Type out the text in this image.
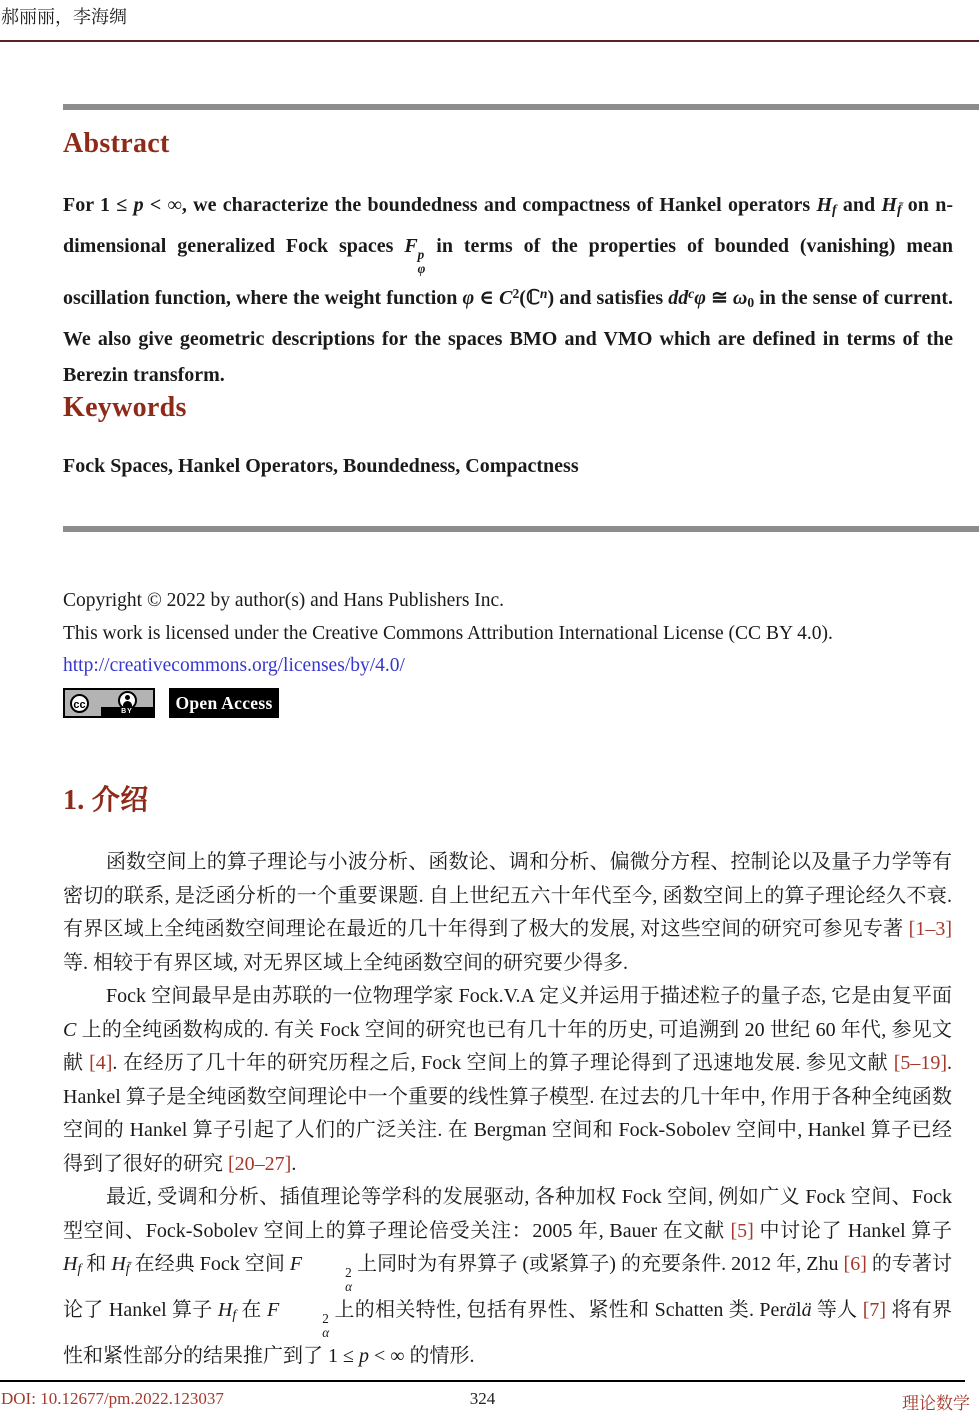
郝丽丽，李海绸
Abstract
For 1 ≤ p < ∞, we characterize the boundedness and compactness of Hankel operators Hf and Hf̄ on n-dimensional generalized Fock spaces F p
φ
in terms of the properties of bounded (vanishing) mean oscillation function, where the weight function φ ∈ $C^2(ℂ^n)$ and satisfies $dd^c\varphi$ ≅ ω0 in the sense of current. We also give geometric descriptions for the spaces BMO and VMO which are defined in terms of the Berezin transform.
Keywords
Fock Spaces, Hankel Operators, Boundedness, Compactness
Copyright © 2022 by author(s) and Hans Publishers Inc.
This work is licensed under the Creative Commons Attribution International License (CC BY 4.0).
http://creativecommons.org/licenses/by/4.0/
cc
BY	Open Access
1. 介绍

函数空间上的算子理论与小波分析、函数论、调和分析、偏微分方程、控制论以及量子力学等有密切的联系, 是泛函分析的一个重要课题. 自上世纪五六十年代至今, 函数空间上的算子理论经久不衰. 有界区域上全纯函数空间理论在最近的几十年得到了极大的发展, 对这些空间的研究可参见专著 [1–3] 等. 相较于有界区域, 对无界区域上全纯函数空间的研究要少得多.

Fock 空间最早是由苏联的一位物理学家 Fock.V.A 定义并运用于描述粒子的量子态, 它是由复平面 C 上的全纯函数构成的. 有关 Fock 空间的研究也已有几十年的历史, 可追溯到 20 世纪 60 年代, 参见文献 [4]. 在经历了几十年的研究历程之后, Fock 空间上的算子理论得到了迅速地发展. 参见文献 [5–19]. Hankel 算子是全纯函数空间理论中一个重要的线性算子模型. 在过去的几十年中, 作用于各种全纯函数空间的 Hankel 算子引起了人们的广泛关注. 在 Bergman 空间和 Fock-Sobolev 空间中, Hankel 算子已经得到了很好的研究 [20–27].

最近, 受调和分析、插值理论等学科的发展驱动, 各种加权 Fock 空间, 例如广义 Fock 空间、Fock 型空间、Fock-Sobolev 空间上的算子理论倍受关注：2005 年, Bauer 在文献 [5] 中讨论了 Hankel 算子 Hf 和 Hf̄ 在经典 Fock 空间 F	2
α
上同时为有界算子 (或紧算子) 的充要条件. 2012 年, Zhu [6] 的专著讨论了 Hankel 算子 Hf 在 F	2
α
上的相关特性, 包括有界性、紧性和 Schatten 类. Perälä 等人 [7] 将有界性和紧性部分的结果推广到了 1 ≤ p < ∞ 的情形.

324
DOI: 10.12677/pm.2022.123037	理论数学
